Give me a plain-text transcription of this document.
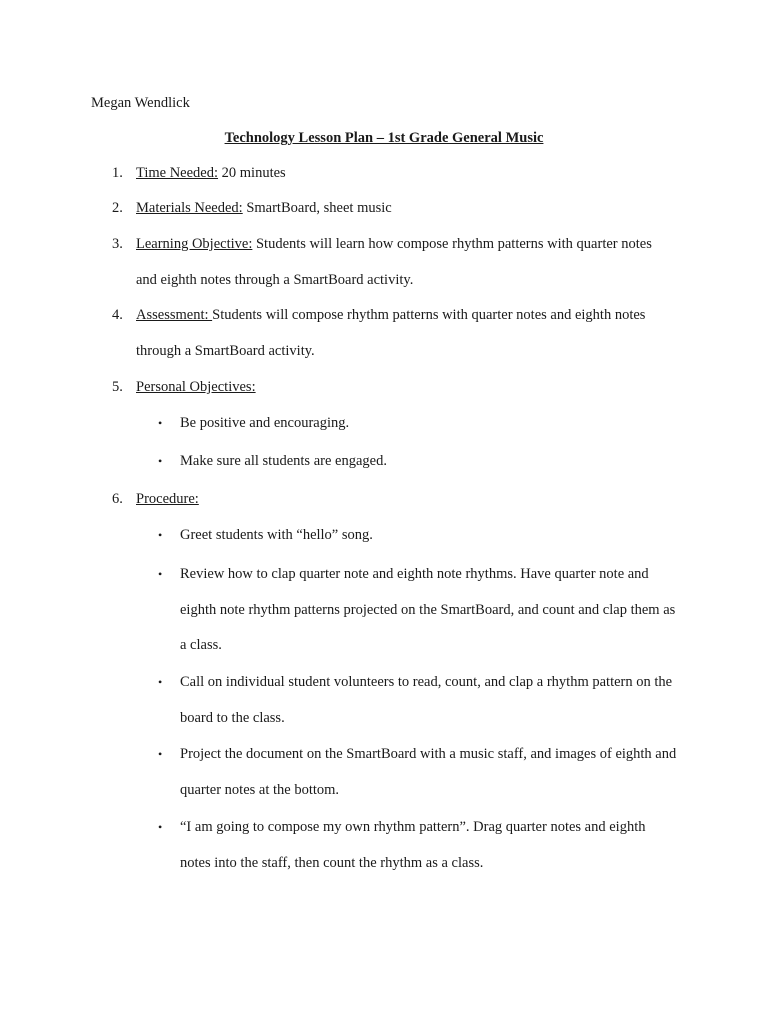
Megan Wendlick
Technology Lesson Plan – 1st Grade General Music
1. Time Needed: 20 minutes
2. Materials Needed: SmartBoard, sheet music
3. Learning Objective: Students will learn how compose rhythm patterns with quarter notes and eighth notes through a SmartBoard activity.
4. Assessment: Students will compose rhythm patterns with quarter notes and eighth notes through a SmartBoard activity.
5. Personal Objectives:
• Be positive and encouraging.
• Make sure all students are engaged.
6. Procedure:
• Greet students with “hello” song.
• Review how to clap quarter note and eighth note rhythms. Have quarter note and eighth note rhythm patterns projected on the SmartBoard, and count and clap them as a class.
• Call on individual student volunteers to read, count, and clap a rhythm pattern on the board to the class.
• Project the document on the SmartBoard with a music staff, and images of eighth and quarter notes at the bottom.
• “I am going to compose my own rhythm pattern”. Drag quarter notes and eighth notes into the staff, then count the rhythm as a class.
